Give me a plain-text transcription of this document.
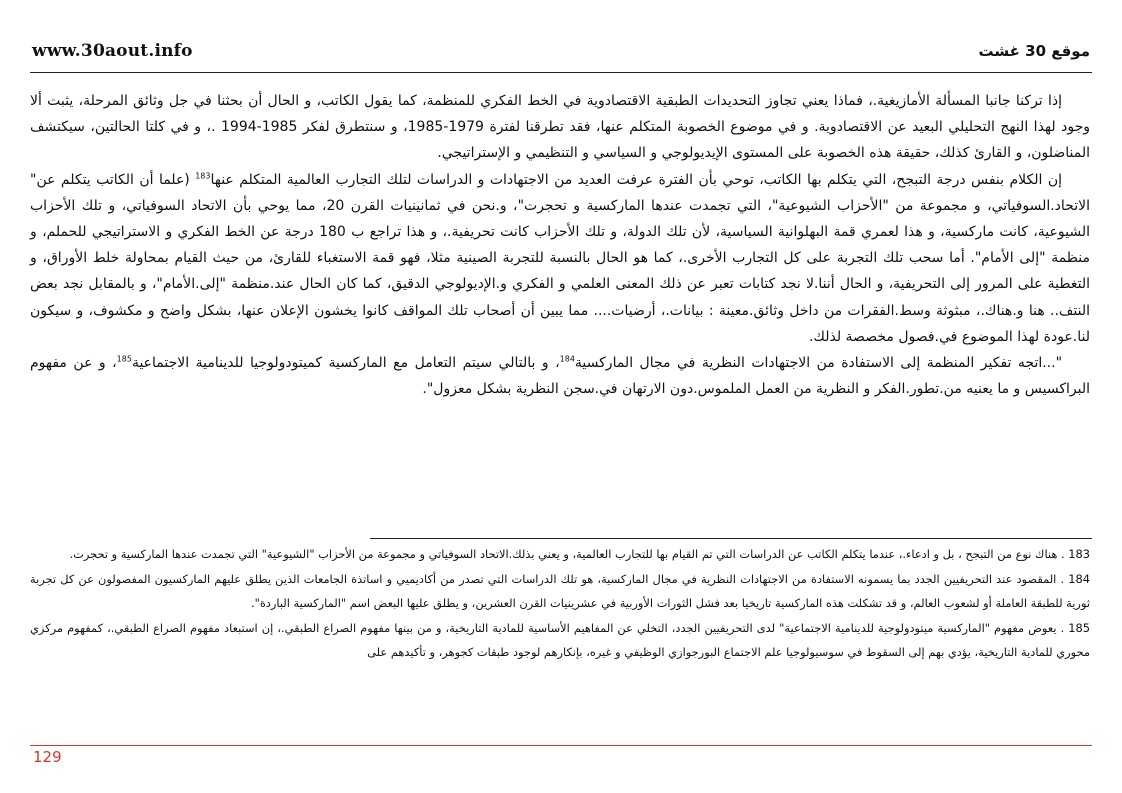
www.30aout.info	موقع 30 غشت

إذا تركنا جانبا المسألة الأمازيغية.، فماذا يعني تجاوز التحديدات الطبقية الاقتصادوية في الخط الفكري للمنظمة، كما يقول الكاتب، و الحال أن بحثنا في جل وثائق المرحلة، يثبت ألا وجود لهذا النهج التحليلي البعيد عن الاقتصادوية. و في موضوع الخصوبة المتكلم عنها، فقد تطرقنا لفترة 1979-1985، و سنتطرق لفكر 1985-1994 .، و في كلتا الحالتين، سيكتشف المناضلون، و القارئ كذلك، حقيقة هذه الخصوبة على المستوى الإيديولوجي و السياسي و التنظيمي و الإستراتيجي.

إن الكلام بنفس درجة التبجح، التي يتكلم بها الكاتب، توحي بأن الفترة عرفت العديد من الاجتهادات و الدراسات لتلك التجارب العالمية المتكلم عنها$^{183}$ (علما أن الكاتب يتكلم عن" الاتحاد.السوفياتي، و مجموعة من "الأحزاب الشيوعية"، التي تجمدت عندها الماركسية و تحجرت"، و.نحن في ثمانينيات القرن 20، مما يوحي بأن الاتحاد السوفياتي، و تلك الأحزاب الشيوعية، كانت ماركسية، و هذا لعمري قمة البهلوانية السياسية، لأن تلك الدولة، و تلك الأحزاب كانت تحريفية.، و هذا تراجع ب 180 درجة عن الخط الفكري و الاستراتيجي للحملم، و منظمة "إلى الأمام". أما سحب تلك التجربة على كل التجارب الأخرى.، كما هو الحال بالنسبة للتجربة الصينية مثلا، فهو قمة الاستغباء للقارئ، من حيث القيام بمحاولة خلط الأوراق، و التغطية على المرور إلى التحريفية، و الحال أننا.لا نجد كتابات تعبر عن ذلك المعنى العلمي و الفكري و.الإديولوجي الدقيق، كما كان الحال عند.منظمة "إلى.الأمام"، و بالمقابل نجد بعض النتف.. هنا و.هناك.، مبثوثة وسط.الفقرات من داخل وثائق.معينة : بيانات.، أرضيات.... مما يبين أن أصحاب تلك المواقف كانوا يخشون الإعلان عنها، بشكل واضح و مكشوف، و سيكون لنا.عودة لهذا الموضوع في.فصول مخصصة لذلك.

"...اتجه تفكير المنظمة إلى الاستفادة من الاجتهادات النظرية في مجال الماركسية$^{184}$، و بالتالي سيتم التعامل مع الماركسية كميتودولوجيا للدينامية الاجتماعية$^{185}$، و عن مفهوم البراكسيس و ما يعنيه من.تطور.الفكر و النظرية من العمل الملموس.دون الارتهان في.سجن النظرية بشكل معزول".

183 . هناك نوع من التبجح ، بل و ادعاء.، عندما يتكلم الكاتب عن الدراسات التي تم القيام بها للتجارب العالمية، و يعني بذلك.الاتحاد السوفياتي و مجموعة من الأحزاب "الشيوعية" التي تجمدت عندها الماركسية و تحجرت.

184 . المقصود عند التحريفيين الجدد بما يسمونه الاستفادة من الاجتهادات النظرية في مجال الماركسية، هو تلك الدراسات التي تصدر من أكاديميي و اساتذة الجامعات الذين يطلق عليهم الماركسيون المفصولون عن كل تجربة ثورية للطبقة العاملة أو لشعوب العالم، و قد تشكلت هذه الماركسية تاريخيا بعد فشل الثورات الأوربية في عشرينيات القرن العشرين، و يطلق عليها البعض اسم "الماركسية الباردة".

185 . يعوض مفهوم "الماركسية ميتودولوجية للدينامية الاجتماعية" لدى التحريفيين الجدد، التخلي عن المفاهيم الأساسية للمادية التاريخية، و من بينها مفهوم الصراع الطبقي.، إن استبعاد مفهوم الصراع الطبقي.، كمفهوم مركزي محوري للمادية التاريخية، يؤدي بهم إلى السقوط في سوسيولوجيا علم الاجتماع البورجوازي الوظيفي و غيره، بإنكارهم لوجود طبقات كجوهر، و تأكيدهم على

129
